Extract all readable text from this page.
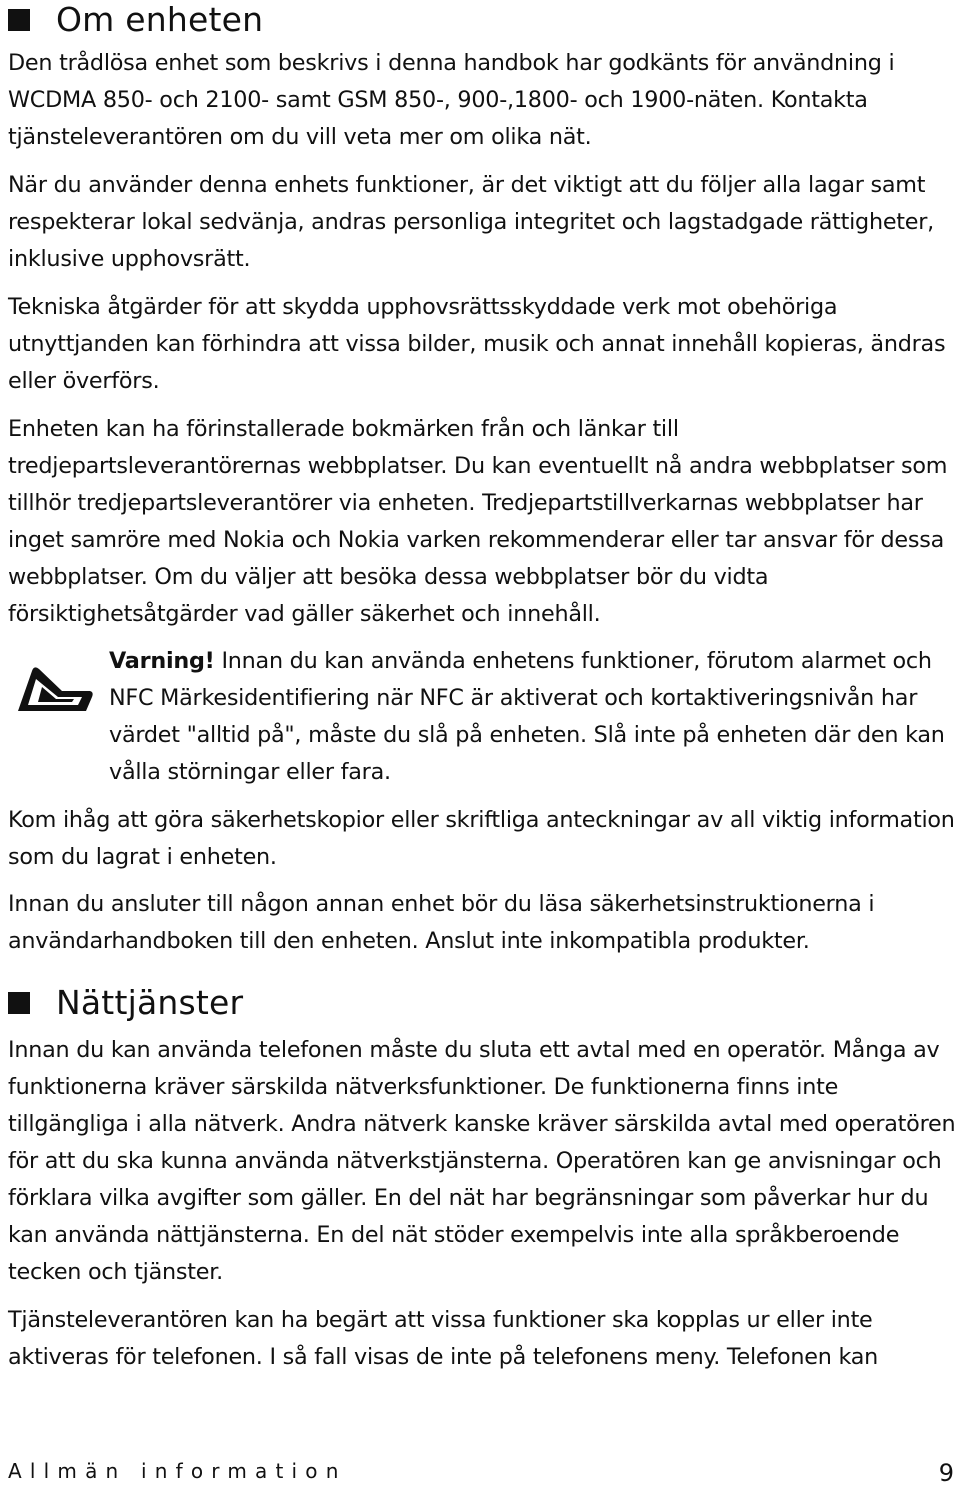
Om enheten

Den trådlösa enhet som beskrivs i denna handbok har godkänts för användning i WCDMA 850- och 2100- samt GSM 850-, 900-,1800- och 1900-näten. Kontakta tjänsteleverantören om du vill veta mer om olika nät.

När du använder denna enhets funktioner, är det viktigt att du följer alla lagar samt respekterar lokal sedvänja, andras personliga integritet och lagstadgade rättigheter, inklusive upphovsrätt.

Tekniska åtgärder för att skydda upphovsrättsskyddade verk mot obehöriga utnyttjanden kan förhindra att vissa bilder, musik och annat innehåll kopieras, ändras eller överförs.

Enheten kan ha förinstallerade bokmärken från och länkar till tredjepartsleverantörernas webbplatser. Du kan eventuellt nå andra webbplatser som tillhör tredjepartsleverantörer via enheten. Tredjepartstillverkarnas webbplatser har inget samröre med Nokia och Nokia varken rekommenderar eller tar ansvar för dessa webbplatser. Om du väljer att besöka dessa webbplatser bör du vidta försiktighetsåtgärder vad gäller säkerhet och innehåll.

Varning! Innan du kan använda enhetens funktioner, förutom alarmet och NFC Märkesidentifiering när NFC är aktiverat och kortaktiveringsnivån har värdet "alltid på", måste du slå på enheten. Slå inte på enheten där den kan vålla störningar eller fara.

Kom ihåg att göra säkerhetskopior eller skriftliga anteckningar av all viktig information som du lagrat i enheten.

Innan du ansluter till någon annan enhet bör du läsa säkerhetsinstruktionerna i användarhandboken till den enheten. Anslut inte inkompatibla produkter.

Nättjänster

Innan du kan använda telefonen måste du sluta ett avtal med en operatör. Många av funktionerna kräver särskilda nätverksfunktioner. De funktionerna finns inte tillgängliga i alla nätverk. Andra nätverk kanske kräver särskilda avtal med operatören för att du ska kunna använda nätverkstjänsterna. Operatören kan ge anvisningar och förklara vilka avgifter som gäller. En del nät har begränsningar som påverkar hur du kan använda nättjänsterna. En del nät stöder exempelvis inte alla språkberoende tecken och tjänster.

Tjänsteleverantören kan ha begärt att vissa funktioner ska kopplas ur eller inte aktiveras för telefonen. I så fall visas de inte på telefonens meny. Telefonen kan

Allmän information	9
